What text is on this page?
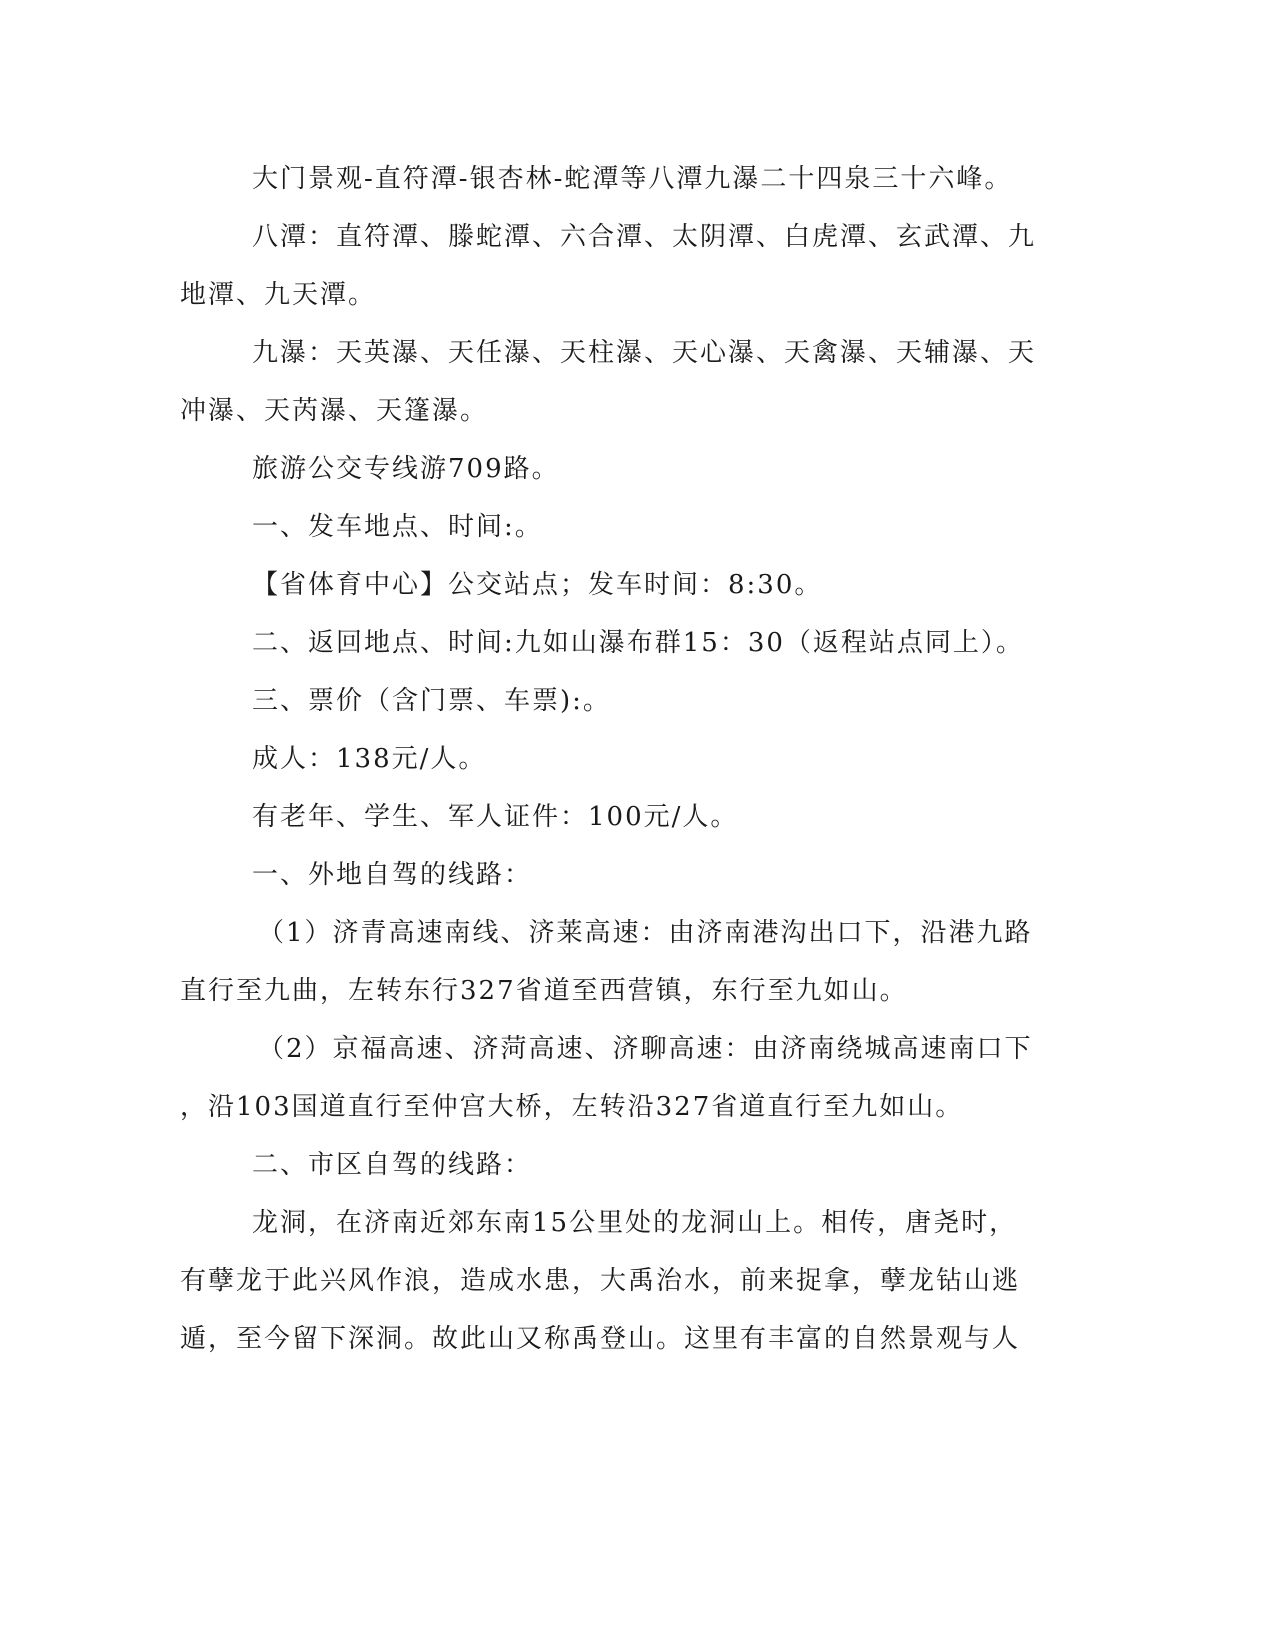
大门景观-直符潭-银杏林-蛇潭等八潭九瀑二十四泉三十六峰。

八潭：直符潭、滕蛇潭、六合潭、太阴潭、白虎潭、玄武潭、九
地潭、九天潭。

九瀑：天英瀑、天任瀑、天柱瀑、天心瀑、天禽瀑、天辅瀑、天
冲瀑、天芮瀑、天篷瀑。

旅游公交专线游709路。

一、发车地点、时间:。

【省体育中心】公交站点；发车时间：8:30。

二、返回地点、时间:九如山瀑布群15：30（返程站点同上）。

三、票价（含门票、车票):。

成人：138元/人。

有老年、学生、军人证件：100元/人。

一、外地自驾的线路：

（1）济青高速南线、济莱高速：由济南港沟出口下，沿港九路
直行至九曲，左转东行327省道至西营镇，东行至九如山。

（2）京福高速、济菏高速、济聊高速：由济南绕城高速南口下
，沿103国道直行至仲宫大桥，左转沿327省道直行至九如山。

二、市区自驾的线路：

龙洞，在济南近郊东南15公里处的龙洞山上。相传，唐尧时，
有孽龙于此兴风作浪，造成水患，大禹治水，前来捉拿，孽龙钻山逃
遁，至今留下深洞。故此山又称禹登山。这里有丰富的自然景观与人
